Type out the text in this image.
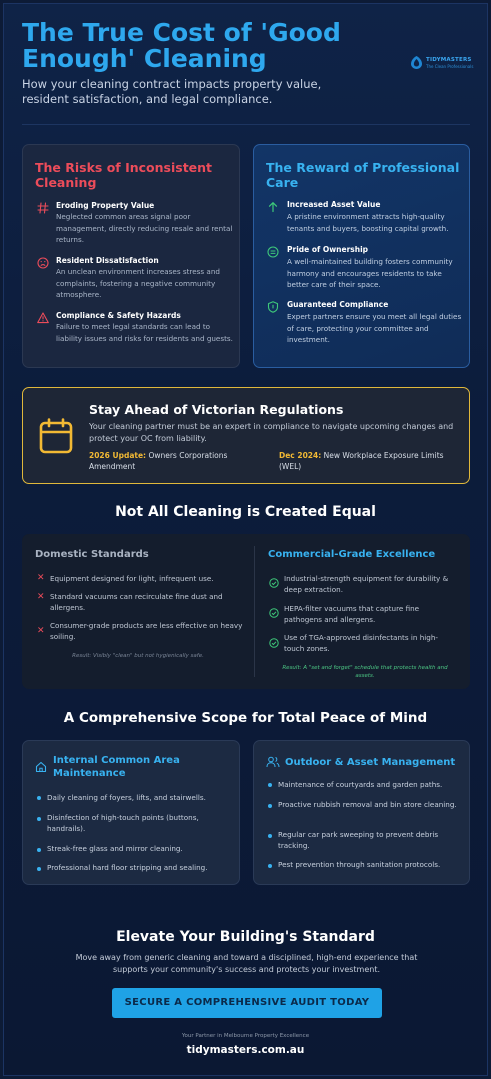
The True Cost of 'Good Enough' Cleaning
How your cleaning contract impacts property value, resident satisfaction, and legal compliance.
TIDYMASTERS
The Clean Professionals
The Risks of Inconsistent Cleaning
Eroding Property Value
Neglected common areas signal poor management, directly reducing resale and rental returns.
Resident Dissatisfaction
An unclean environment increases stress and complaints, fostering a negative community atmosphere.
Compliance & Safety Hazards
Failure to meet legal standards can lead to liability issues and risks for residents and guests.
The Reward of Professional Care
Increased Asset Value
A pristine environment attracts high-quality tenants and buyers, boosting capital growth.
Pride of Ownership
A well-maintained building fosters community harmony and encourages residents to take better care of their space.
Guaranteed Compliance
Expert partners ensure you meet all legal duties of care, protecting your committee and investment.
Stay Ahead of Victorian Regulations
Your cleaning partner must be an expert in compliance to navigate upcoming changes and protect your OC from liability.
2026 Update: Owners Corporations Amendment
Dec 2024: New Workplace Exposure Limits (WEL)
Not All Cleaning is Created Equal
Domestic Standards
✕ Equipment designed for light, infrequent use.
✕ Standard vacuums can recirculate fine dust and allergens.
✕
Consumer-grade products are less effective on heavy soiling.
Result: Visibly "clean" but not hygienically safe.
Commercial-Grade Excellence
Industrial-strength equipment for durability & deep extraction.
HEPA-filter vacuums that capture fine pathogens and allergens.
Use of TGA-approved disinfectants in high-touch zones.
Result: A "set and forget" schedule that protects health and assets.
A Comprehensive Scope for Total Peace of Mind
Internal Common Area Maintenance
Daily cleaning of foyers, lifts, and stairwells.
Disinfection of high-touch points (buttons, handrails).
Streak-free glass and mirror cleaning.
Professional hard floor stripping and sealing.
Outdoor & Asset Management
Maintenance of courtyards and garden paths.
Proactive rubbish removal and bin store cleaning.
Regular car park sweeping to prevent debris tracking.
Pest prevention through sanitation protocols.
Elevate Your Building's Standard
Move away from generic cleaning and toward a disciplined, high-end experience that supports your community's success and protects your investment.
SECURE A COMPREHENSIVE AUDIT TODAY
Your Partner in Melbourne Property Excellence
tidymasters.com.au
